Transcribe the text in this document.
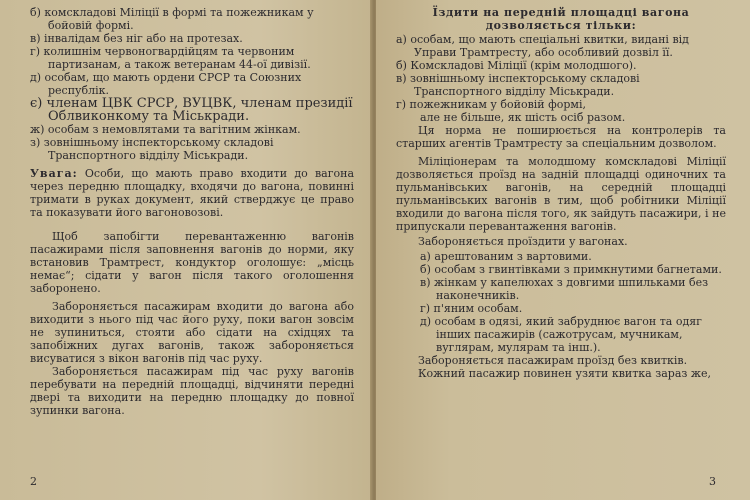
б) комскладові Міліції в формі та пожежникам у бойовій формі.

в) інвалідам без ніг або на протезах.

г) колишнім червоногвардійцям та червоним партизанам, а також ветеранам 44-ої дивізії.

д) особам, що мають ордени СРСР та Союзних республік.

є) членам ЦВК СРСР, ВУЦВК, членам президії Облвиконкому та Міськради.

ж) особам з немовлятами та вагітним жінкам.

з) зовнішньому інспекторському складові Транспортного відділу Міськради.

Увага: Особи, що мають право входити до вагона через передню площадку, входячи до вагона, повинні тримати в руках документ, який стверджує це право та показувати його вагоновозові.

Щоб запобігти перевантаженню вагонів пасажирами після заповнення вагонів до норми, яку встановив Трамтрест, кондуктор оголошує: „місць немає“; сідати у вагон після такого оголошення заборонено.

Забороняється пасажирам входити до вагона або виходити з нього під час його руху, поки вагон зовсім не зупиниться, стояти або сідати на східцях та запобіжних дугах вагонів, також забороняється висуватися з вікон вагонів під час руху.

Забороняється пасажирам під час руху вагонів перебувати на передній площадці, відчиняти передні двері та виходити на передню площадку до повної зупинки вагона.

2

Їздити на передній площадці вагона дозволяється тільки:

а) особам, що мають спеціальні квитки, видані від Управи Трамтресту, або особливий дозвіл її.

б) Комскладові Міліції (крім молодшого).

в) зовнішньому інспекторському складові Транспортного відділу Міськради.

г) пожежникам у бойовій формі,

але не більше, як шість осіб разом.

Ця норма не поширюється на контролерів та старших агентів Трамтресту за спеціальним дозволом.

Міліціонерам та молодшому комскладові Міліції дозволяється проїзд на задній площадці одиночних та пульманівських вагонів, на середній площадці пульманівських вагонів в тим, щоб робітники Міліції входили до вагона після того, як зайдуть пасажири, і не припускали перевантаження вагонів.

Забороняється проїздити у вагонах.

а) арештованим з вартовими.

б) особам з гвинтівками з примкнутими багнетами.

в) жінкам у капелюхах з довгими шпильками без наконечників.

г) п'яним особам.

д) особам в одязі, який забруднює вагон та одяг інших пасажирів (сажотрусам, мучникам, вуглярам, мулярам та інш.).

Забороняється пасажирам проїзд без квитків.

Кожний пасажир повинен узяти квитка зараз же,

3
